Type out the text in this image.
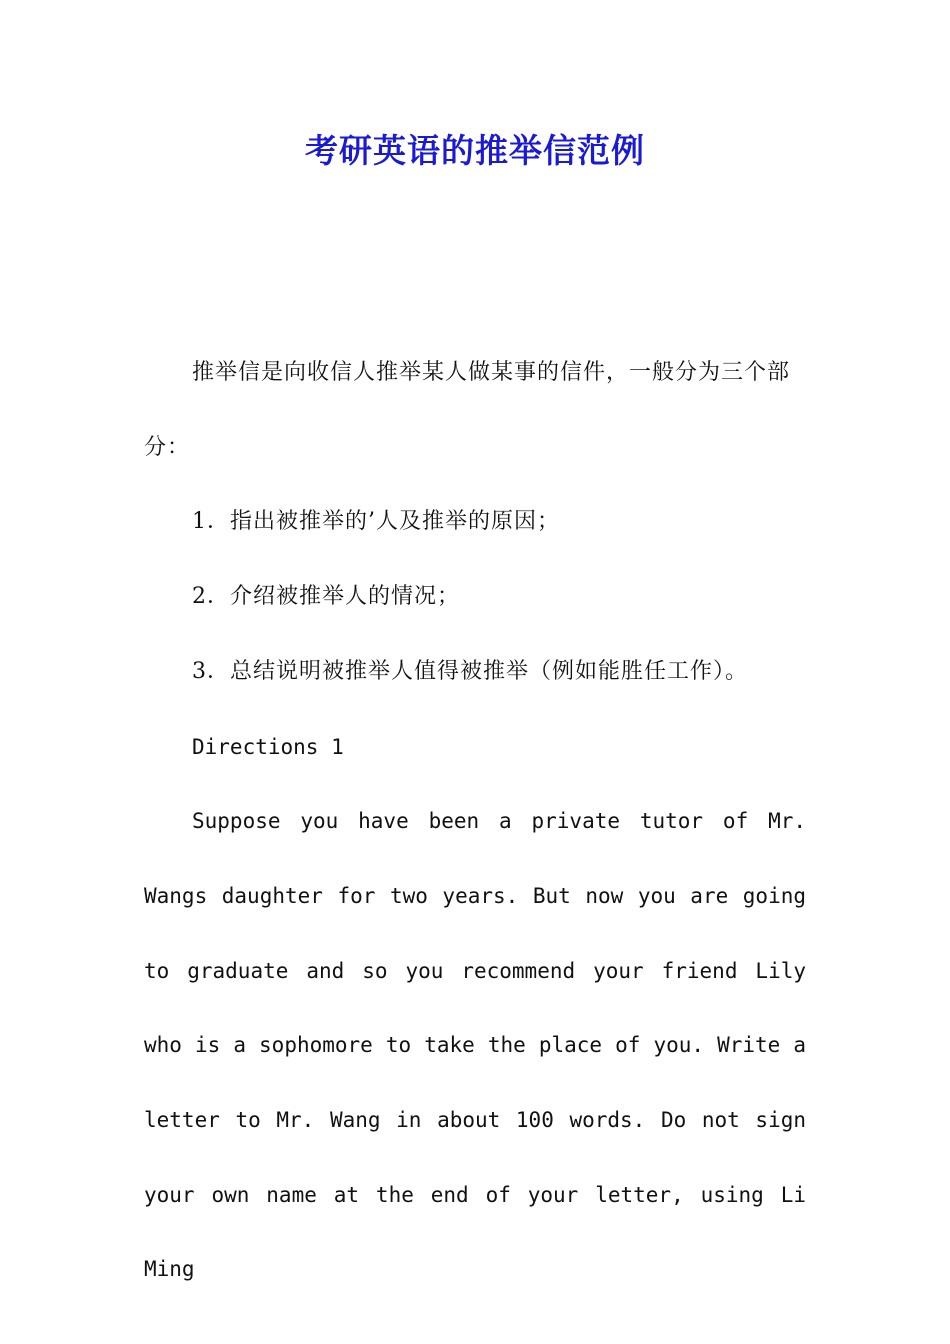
考研英语的推举信范例

推举信是向收信人推举某人做某事的信件，一般分为三个部分：

1．指出被推举的’人及推举的原因；

2．介绍被推举人的情况；

3．总结说明被推举人值得被推举（例如能胜任工作）。

Directions 1

Suppose you have been a private tutor of Mr. Wangs daughter for two years. But now you are going to graduate and so you recommend your friend Lily who is a sophomore to take the place of you. Write a letter to Mr. Wang in about 100 words. Do not sign your own name at the end of your letter, using Li Ming
